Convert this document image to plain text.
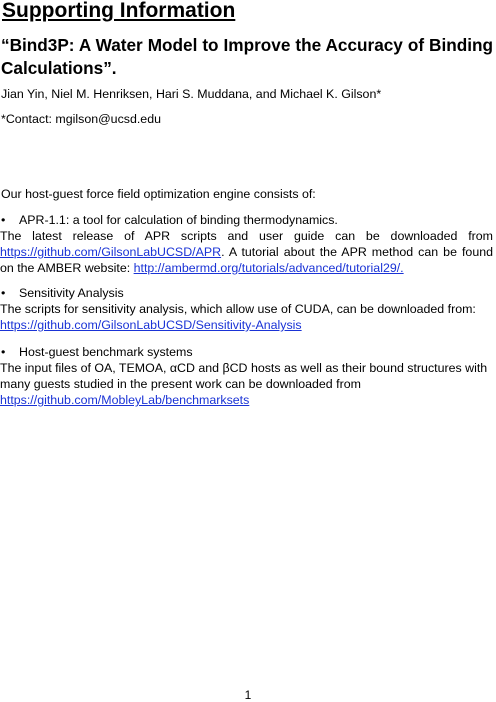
Supporting Information
“Bind3P: A Water Model to Improve the Accuracy of Binding Calculations”.
Jian Yin, Niel M. Henriksen, Hari S. Muddana, and Michael K. Gilson*
*Contact: mgilson@ucsd.edu
Our host-guest force field optimization engine consists of:
• APR-1.1: a tool for calculation of binding thermodynamics.
The latest release of APR scripts and user guide can be downloaded from https://github.com/GilsonLabUCSD/APR. A tutorial about the APR method can be found on the AMBER website: http://ambermd.org/tutorials/advanced/tutorial29/.
• Sensitivity Analysis
The scripts for sensitivity analysis, which allow use of CUDA, can be downloaded from: https://github.com/GilsonLabUCSD/Sensitivity-Analysis
• Host-guest benchmark systems
The input files of OA, TEMOA, αCD and βCD hosts as well as their bound structures with many guests studied in the present work can be downloaded from
https://github.com/MobleyLab/benchmarksets
1
